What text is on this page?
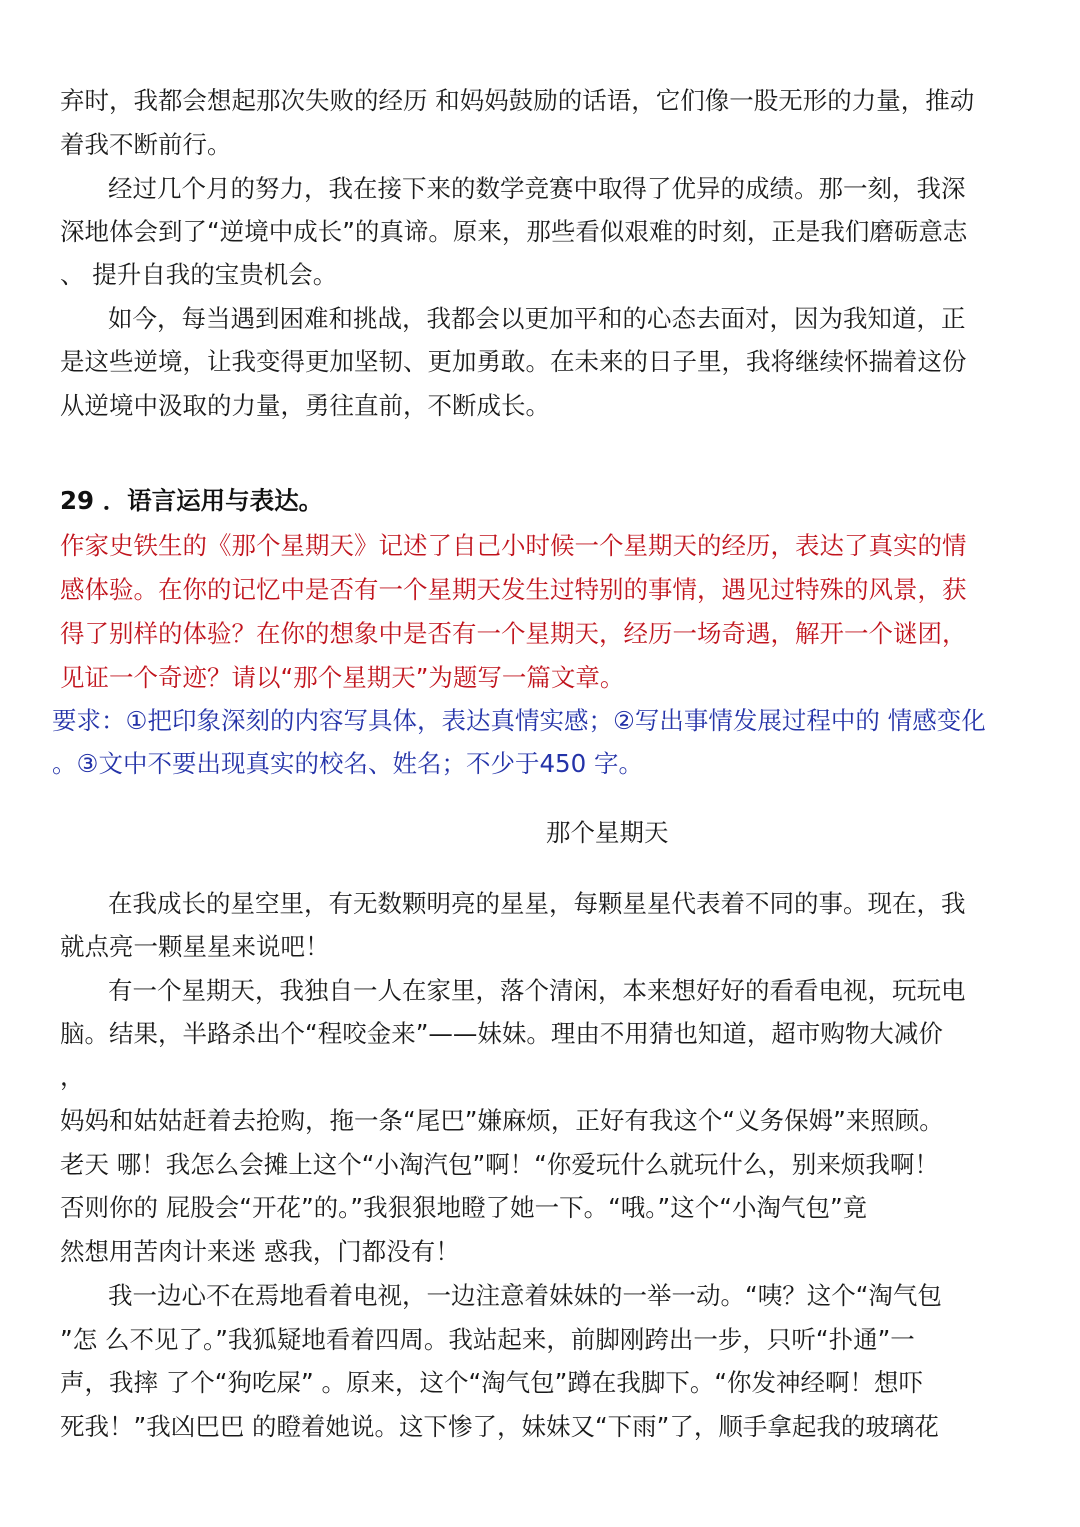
弃时，我都会想起那次失败的经历 和妈妈鼓励的话语，它们像一股无形的力量，推动
着我不断前行。
经过几个月的努力，我在接下来的数学竞赛中取得了优异的成绩。那一刻，我深
深地体会到了“逆境中成长”的真谛。原来，那些看似艰难的时刻，正是我们磨砺意志
、 提升自我的宝贵机会。
如今，每当遇到困难和挑战，我都会以更加平和的心态去面对，因为我知道，正
是这些逆境，让我变得更加坚韧、更加勇敢。在未来的日子里，我将继续怀揣着这份
从逆境中汲取的力量，勇往直前，不断成长。
29 ．语言运用与表达。
作家史铁生的《那个星期天》记述了自己小时候一个星期天的经历，表达了真实的情
感体验。在你的记忆中是否有一个星期天发生过特别的事情，遇见过特殊的风景，获
得了别样的体验？在你的想象中是否有一个星期天，经历一场奇遇，解开一个谜团，
见证一个奇迹？请以“那个星期天”为题写一篇文章。
要求：①把印象深刻的内容写具体，表达真情实感；②写出事情发展过程中的 情感变化
。③文中不要出现真实的校名、姓名；不少于450 字。
那个星期天
在我成长的星空里，有无数颗明亮的星星，每颗星星代表着不同的事。现在，我
就点亮一颗星星来说吧！
有一个星期天，我独自一人在家里，落个清闲，本来想好好的看看电视，玩玩电
脑。结果，半路杀出个“程咬金来”——妹妹。理由不用猜也知道，超市购物大减价
，
妈妈和姑姑赶着去抢购，拖一条“尾巴”嫌麻烦，正好有我这个“义务保姆”来照顾。
老天 哪！我怎么会摊上这个“小淘汽包”啊！“你爱玩什么就玩什么，别来烦我啊！
否则你的 屁股会“开花”的。”我狠狠地瞪了她一下。“哦。”这个“小淘气包”竟
然想用苦肉计来迷 惑我，门都没有！
我一边心不在焉地看着电视，一边注意着妹妹的一举一动。“咦？这个“淘气包
”怎 么不见了。”我狐疑地看着四周。我站起来，前脚刚跨出一步，只听“扑通”一
声，我摔 了个“狗吃屎” 。原来，这个“淘气包”蹲在我脚下。“你发神经啊！想吓
死我！”我凶巴巴 的瞪着她说。这下惨了，妹妹又“下雨”了，顺手拿起我的玻璃花
